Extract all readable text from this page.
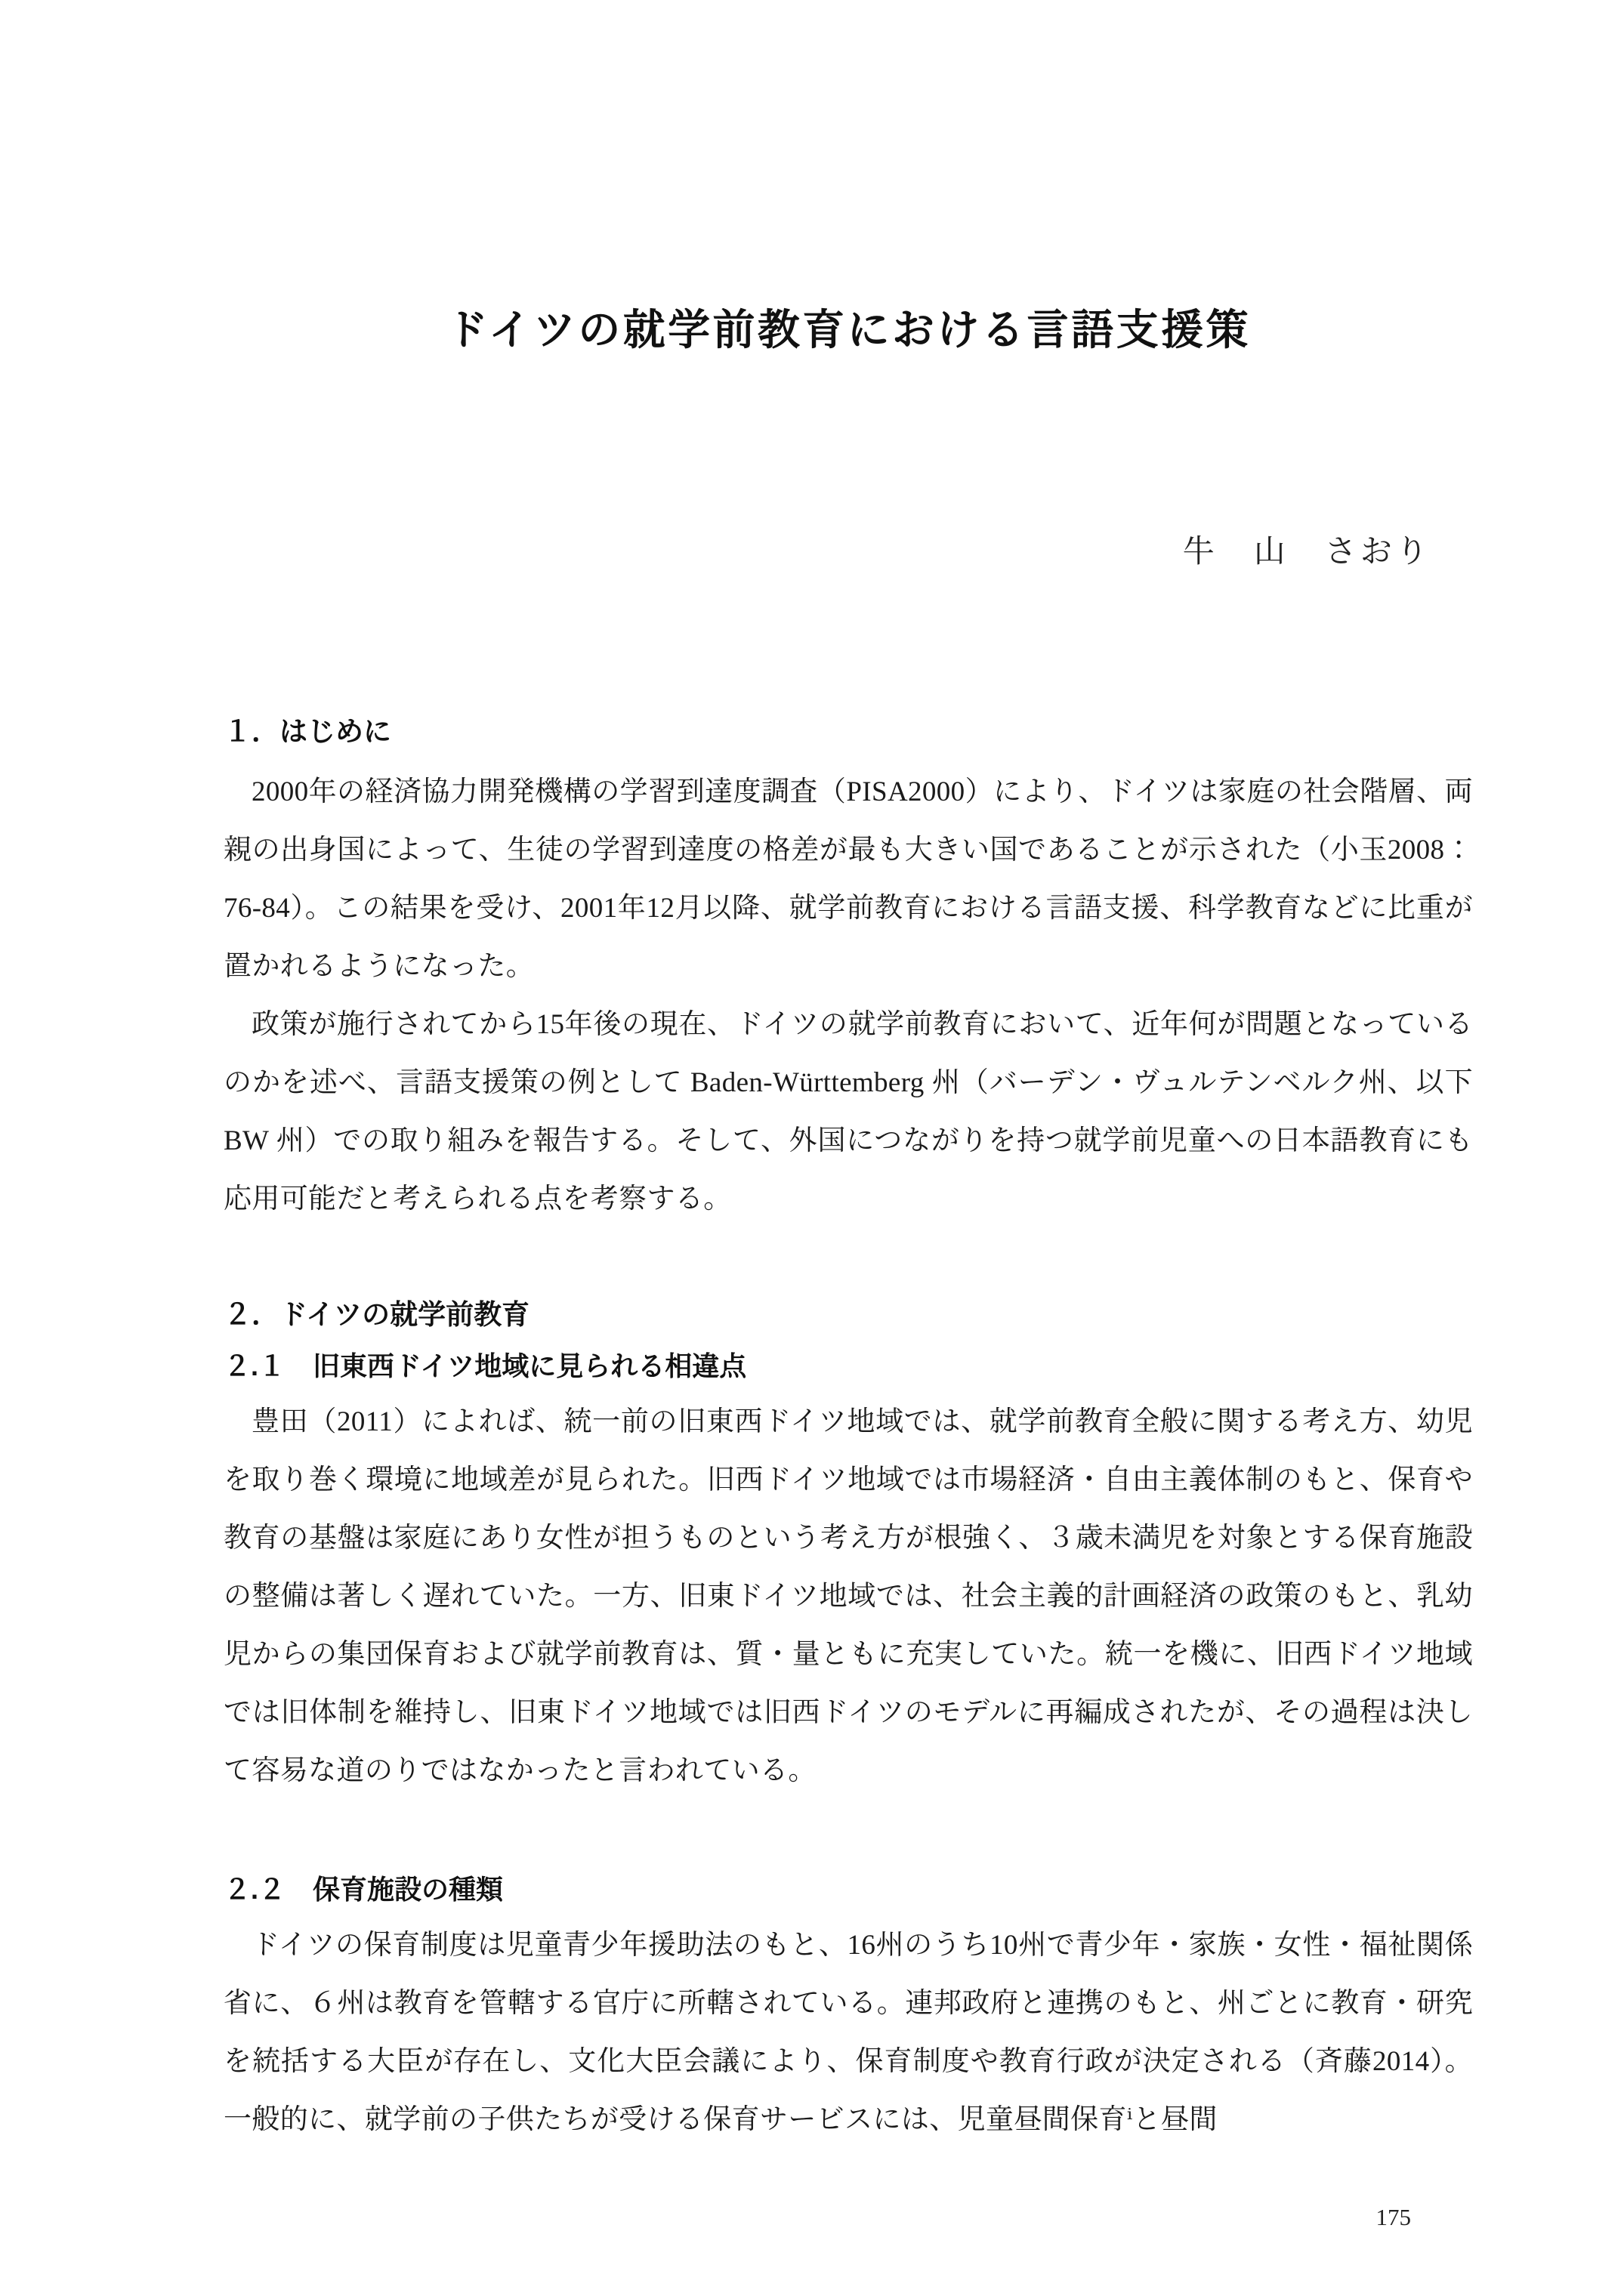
ドイツの就学前教育における言語支援策
牛　山　さおり
１．はじめに

2000年の経済協力開発機構の学習到達度調査（PISA2000）により、ドイツは家庭の社会階層、両親の出身国によって、生徒の学習到達度の格差が最も大きい国であることが示された（小玉2008：76-84）。この結果を受け、2001年12月以降、就学前教育における言語支援、科学教育などに比重が置かれるようになった。

政策が施行されてから15年後の現在、ドイツの就学前教育において、近年何が問題となっているのかを述べ、言語支援策の例として Baden-Württemberg 州（バーデン・ヴュルテンベルク州、以下 BW 州）での取り組みを報告する。そして、外国につながりを持つ就学前児童への日本語教育にも応用可能だと考えられる点を考察する。

２．ドイツの就学前教育
２.１　旧東西ドイツ地域に見られる相違点

豊田（2011）によれば、統一前の旧東西ドイツ地域では、就学前教育全般に関する考え方、幼児を取り巻く環境に地域差が見られた。旧西ドイツ地域では市場経済・自由主義体制のもと、保育や教育の基盤は家庭にあり女性が担うものという考え方が根強く、３歳未満児を対象とする保育施設の整備は著しく遅れていた。一方、旧東ドイツ地域では、社会主義的計画経済の政策のもと、乳幼児からの集団保育および就学前教育は、質・量ともに充実していた。統一を機に、旧西ドイツ地域では旧体制を維持し、旧東ドイツ地域では旧西ドイツのモデルに再編成されたが、その過程は決して容易な道のりではなかったと言われている。

２.２　保育施設の種類

ドイツの保育制度は児童青少年援助法のもと、16州のうち10州で青少年・家族・女性・福祉関係省に、６州は教育を管轄する官庁に所轄されている。連邦政府と連携のもと、州ごとに教育・研究を統括する大臣が存在し、文化大臣会議により、保育制度や教育行政が決定される（斉藤2014）。一般的に、就学前の子供たちが受ける保育サービスには、児童昼間保育ⁱと昼間

175
